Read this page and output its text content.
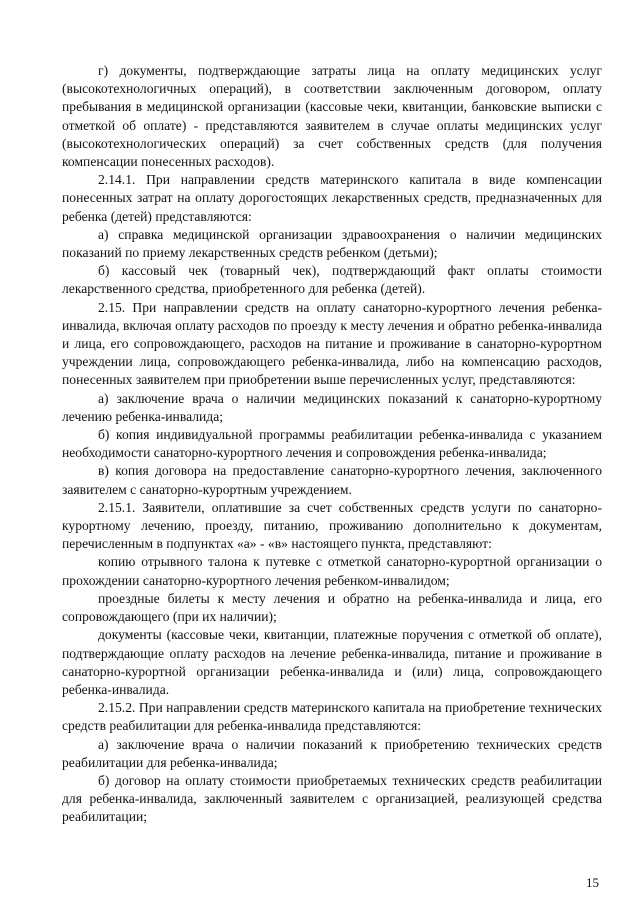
г) документы, подтверждающие затраты лица на оплату медицинских услуг (высокотехнологичных операций), в соответствии заключенным договором, оплату пребывания в медицинской организации (кассовые чеки, квитанции, банковские выписки с отметкой об оплате) - представляются заявителем в случае оплаты медицинских услуг (высокотехнологических операций) за счет собственных средств (для получения компенсации понесенных расходов).

2.14.1. При направлении средств материнского капитала в виде компенсации понесенных затрат на оплату дорогостоящих лекарственных средств, предназначенных для ребенка (детей) представляются:

а) справка медицинской организации здравоохранения о наличии медицинских показаний по приему лекарственных средств ребенком (детьми);

б) кассовый чек (товарный чек), подтверждающий факт оплаты стоимости лекарственного средства, приобретенного для ребенка (детей).

2.15. При направлении средств на оплату санаторно-курортного лечения ребенка-инвалида, включая оплату расходов по проезду к месту лечения и обратно ребенка-инвалида и лица, его сопровождающего, расходов на питание и проживание в санаторно-курортном учреждении лица, сопровождающего ребенка-инвалида, либо на компенсацию расходов, понесенных заявителем при приобретении выше перечисленных услуг, представляются:

а) заключение врача о наличии медицинских показаний к санаторно-курортному лечению ребенка-инвалида;

б) копия индивидуальной программы реабилитации ребенка-инвалида с указанием необходимости санаторно-курортного лечения и сопровождения ребенка-инвалида;

в) копия договора на предоставление санаторно-курортного лечения, заключенного заявителем с санаторно-курортным учреждением.

2.15.1. Заявители, оплатившие за счет собственных средств услуги по санаторно-курортному лечению, проезду, питанию, проживанию дополнительно к документам, перечисленным в подпунктах «а» - «в» настоящего пункта, представляют:

копию отрывного талона к путевке с отметкой санаторно-курортной организации о прохождении санаторно-курортного лечения ребенком-инвалидом;

проездные билеты к месту лечения и обратно на ребенка-инвалида и лица, его сопровождающего (при их наличии);

документы (кассовые чеки, квитанции, платежные поручения с отметкой об оплате), подтверждающие оплату расходов на лечение ребенка-инвалида, питание и проживание в санаторно-курортной организации ребенка-инвалида и (или) лица, сопровождающего ребенка-инвалида.

2.15.2. При направлении средств материнского капитала на приобретение технических средств реабилитации для ребенка-инвалида представляются:

а) заключение врача о наличии показаний к приобретению технических средств реабилитации для ребенка-инвалида;

б) договор на оплату стоимости приобретаемых технических средств реабилитации для ребенка-инвалида, заключенный заявителем с организацией, реализующей средства реабилитации;

15
